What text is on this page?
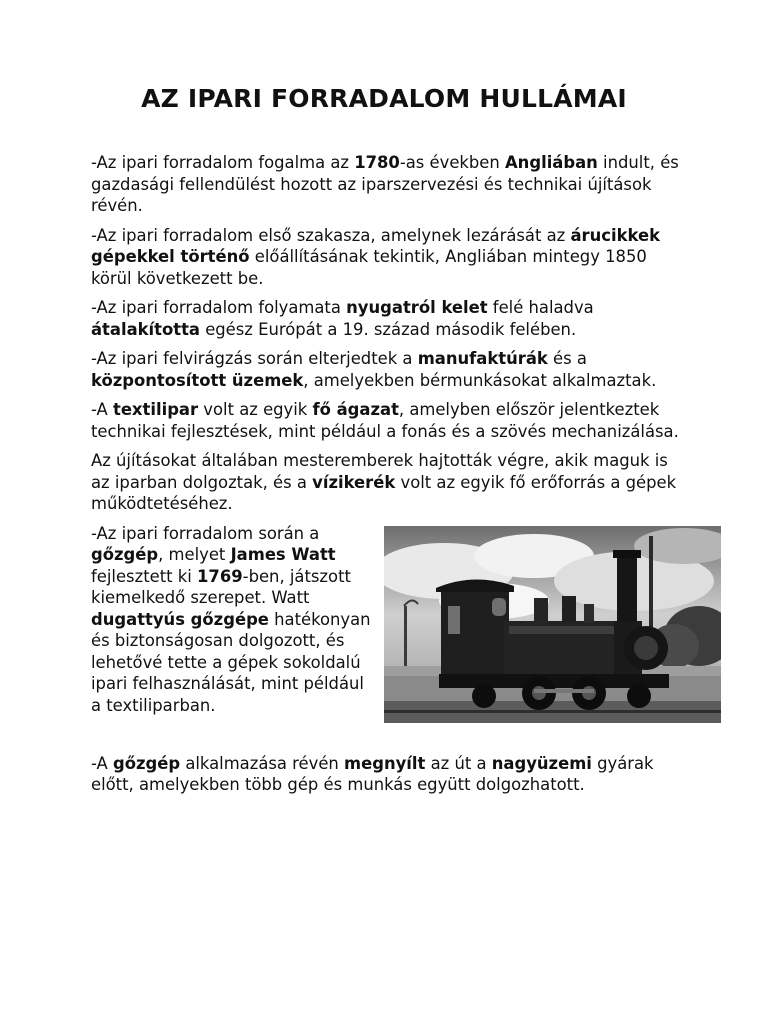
AZ IPARI FORRADALOM HULLÁMAI

-Az ipari forradalom fogalma az 1780-as években Angliában indult, és gazdasági fellendülést hozott az iparszervezési és technikai újítások révén.

-Az ipari forradalom első szakasza, amelynek lezárását az árucikkek gépekkel történő előállításának tekintik, Angliában mintegy 1850 körül következett be.

-Az ipari forradalom folyamata nyugatról kelet felé haladva átalakította egész Európát a 19. század második felében.

-Az ipari felvirágzás során elterjedtek a manufaktúrák és a központosított üzemek, amelyekben bérmunkásokat alkalmaztak.

-A textilipar volt az egyik fő ágazat, amelyben először jelentkeztek technikai fejlesztések, mint például a fonás és a szövés mechanizálása.

Az újításokat általában mesteremberek hajtották végre, akik maguk is az iparban dolgoztak, és a vízikerék volt az egyik fő erőforrás a gépek működtetéséhez.

-Az ipari forradalom során a gőzgép, melyet James Watt fejlesztett ki 1769-ben, játszott kiemelkedő szerepet. Watt dugattyús gőzgépe hatékonyan és biztonságosan dolgozott, és lehetővé tette a gépek sokoldalú ipari felhasználását, mint például a textiliparban.

-A gőzgép alkalmazása révén megnyílt az út a nagyüzemi gyárak előtt, amelyekben több gép és munkás együtt dolgozhatott.
